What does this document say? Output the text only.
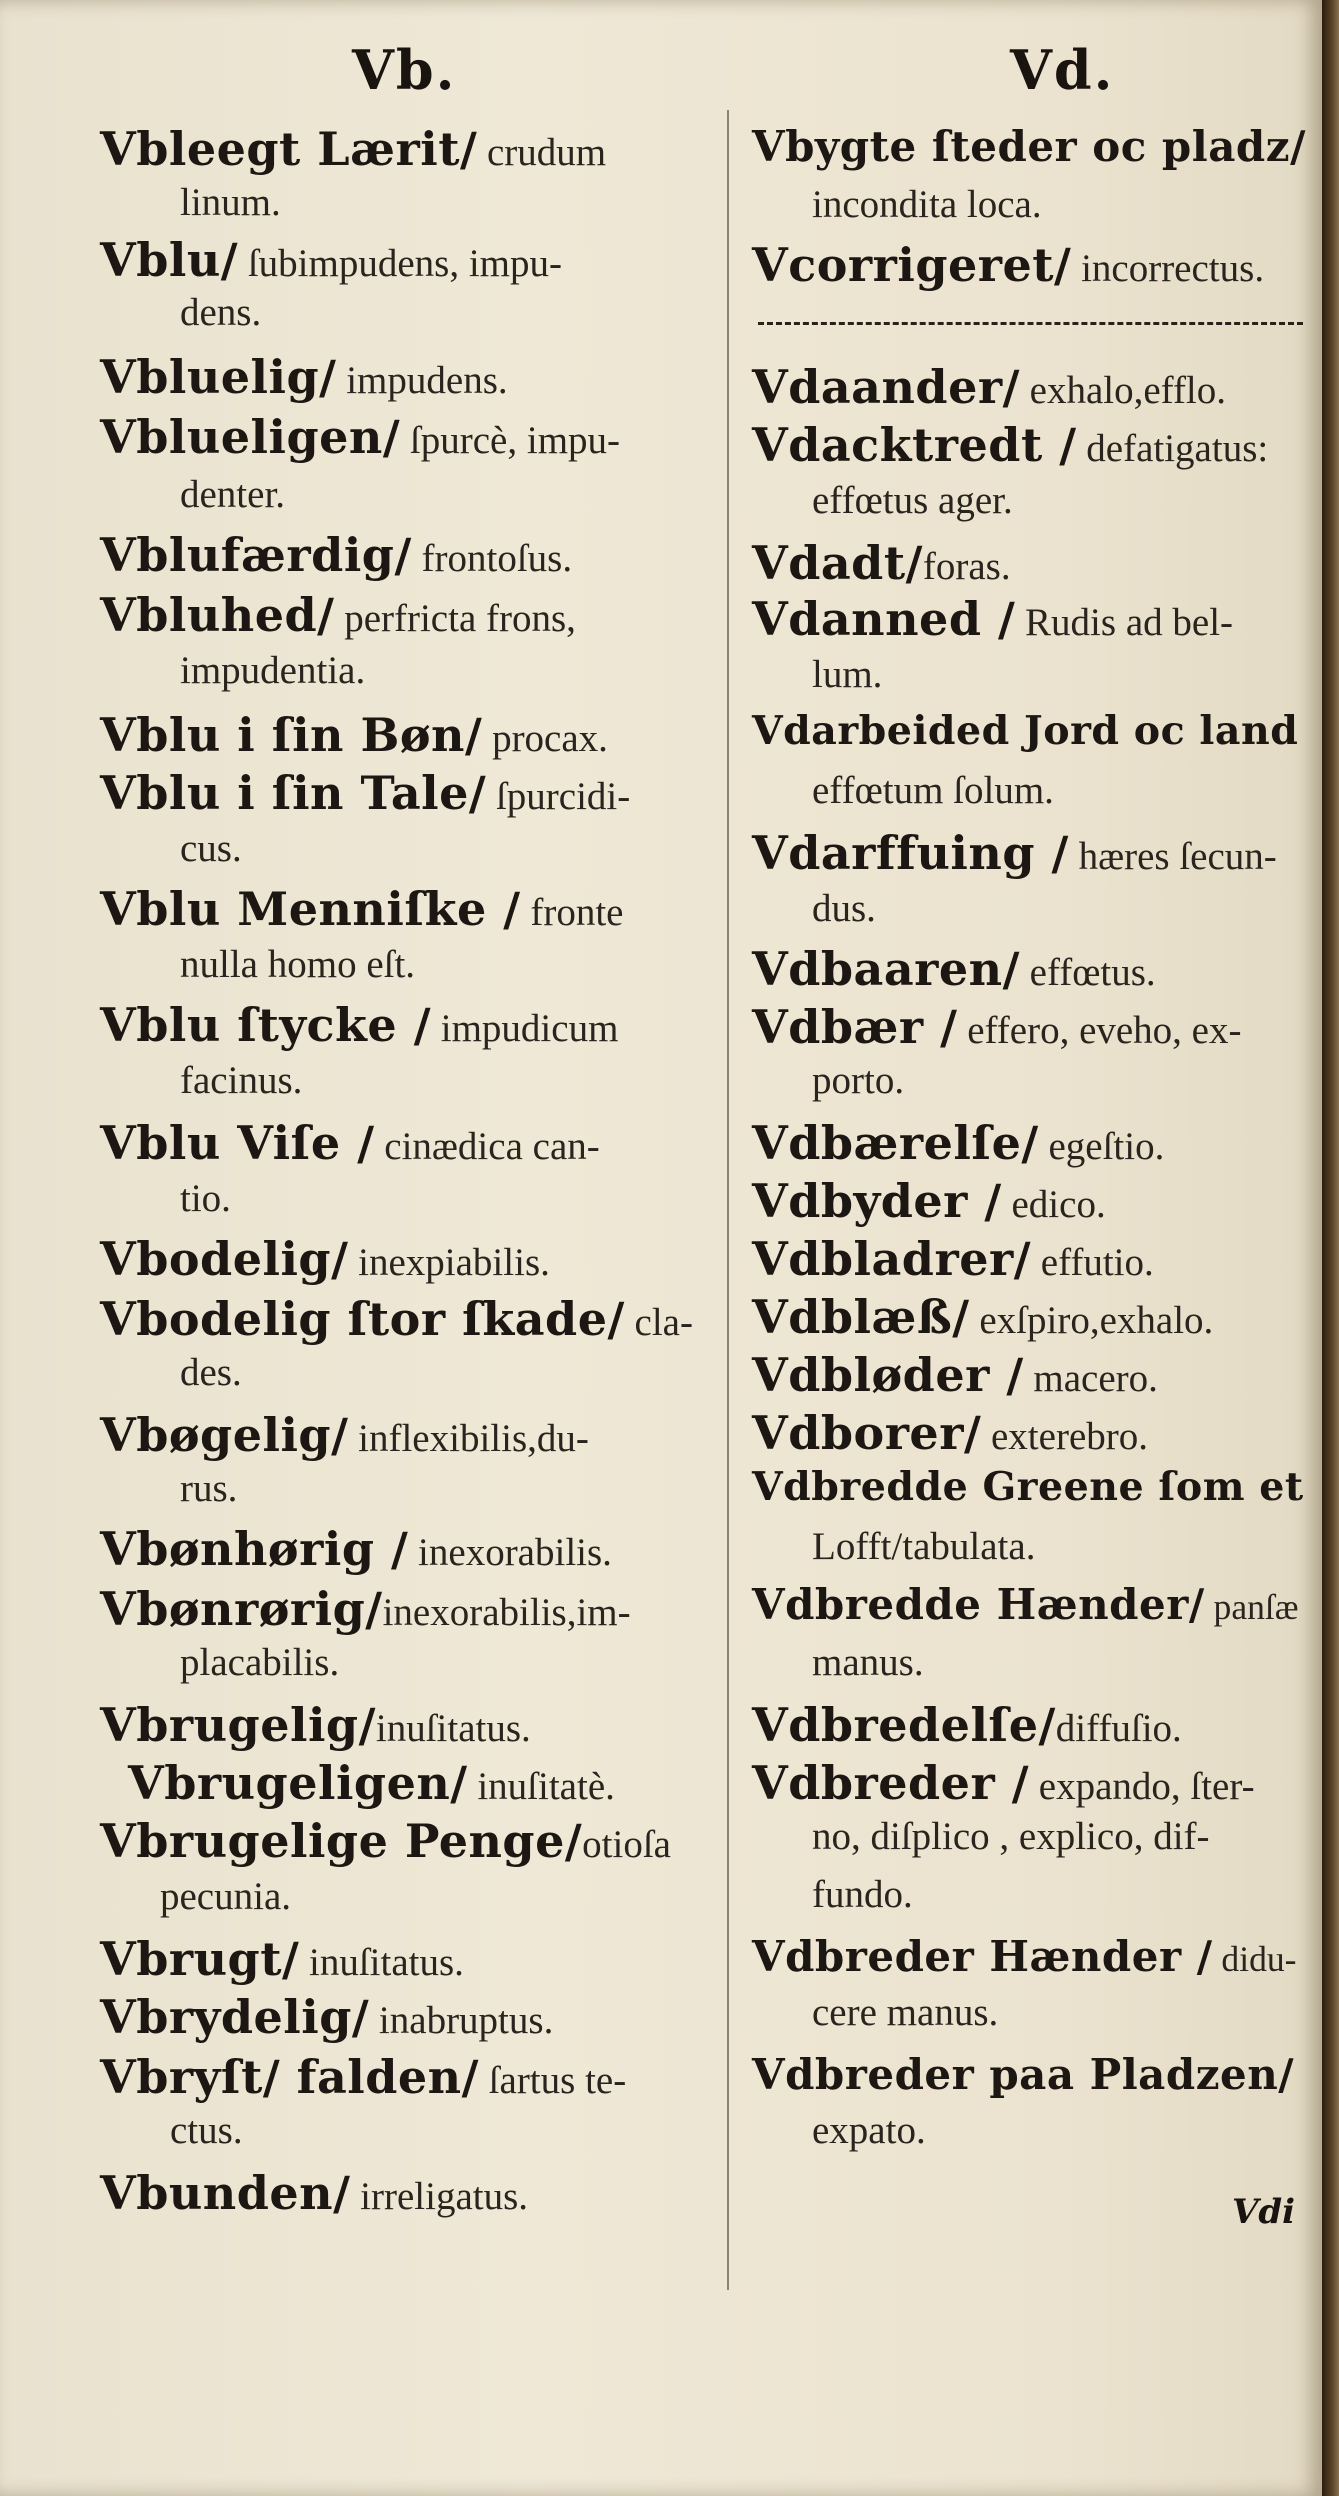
Vb.	Vd.
Vbleegt Lærit/ crudum
linum.
Vblu/ ſubimpudens, impu-
dens.
Vbluelig/ impudens.
Vblueligen/ ſpurcè, impu-
denter.
Vblufærdig/ frontoſus.
Vbluhed/ perfricta frons,
impudentia.
Vblu i ſin Bøn/ procax.
Vblu i ſin Tale/ ſpurcidi-
cus.
Vblu Menniſke / fronte
nulla homo eſt.
Vblu ſtycke / impudicum
facinus.
Vblu Viſe / cinædica can-
tio.
Vbodelig/ inexpiabilis.
Vbodelig ſtor ſkade/ cla-
des.
Vbøgelig/ inflexibilis,du-
rus.
Vbønhørig / inexorabilis.
Vbønrørig/inexorabilis,im-
placabilis.
Vbrugelig/inuſitatus.
Vbrugeligen/ inuſitatè.
Vbrugelige Penge/otioſa
pecunia.
Vbrugt/ inuſitatus.
Vbrydelig/ inabruptus.
Vbryſt/ falden/ ſartus te-
ctus.
Vbunden/ irreligatus.
Vbygte ſteder oc pladz/
incondita loca.
Vcorrigeret/ incorrectus.
Vdaander/ exhalo,efflo.
Vdacktredt / defatigatus:
effœtus ager.
Vdadt/foras.
Vdanned / Rudis ad bel-
lum.
Vdarbeided Jord oc land
effœtum ſolum.
Vdarffuing / hæres ſecun-
dus.
Vdbaaren/ effœtus.
Vdbær / effero, eveho, ex-
porto.
Vdbærelſe/ egeſtio.
Vdbyder / edico.
Vdbladrer/ effutio.
Vdblæß/ exſpiro,exhalo.
Vdbløder / macero.
Vdborer/ exterebro.
Vdbredde Greene ſom et
Lofft/tabulata.
Vdbredde Hænder/ panſæ
manus.
Vdbredelſe/diffuſio.
Vdbreder / expando, ſter-
no, diſplico , explico, dif-
fundo.
Vdbreder Hænder / didu-
cere manus.
Vdbreder paa Pladzen/
expato.
Vdi
